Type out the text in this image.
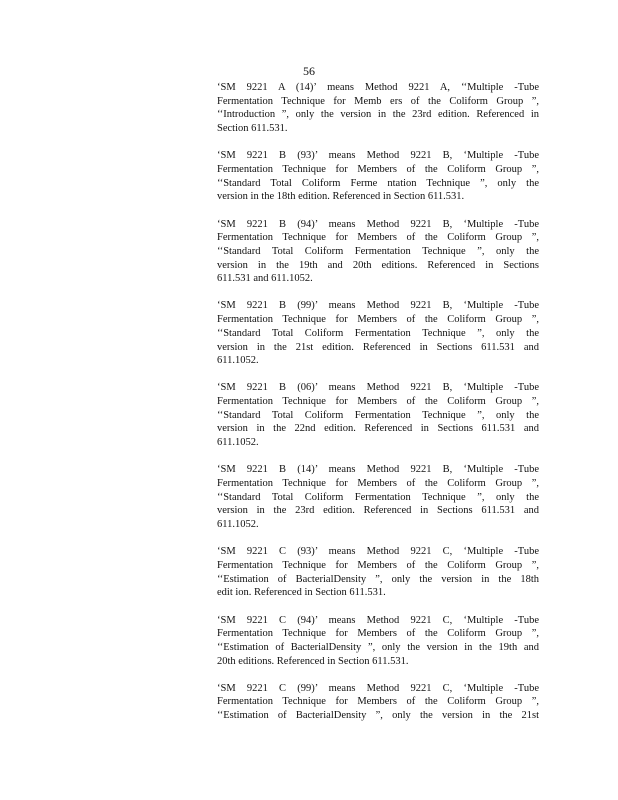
56
‘SM 9221 A (14)’ means Method 9221 A, ‘‘Multiple -Tube
Fermentation Technique for Memb ers of the Coliform Group ”,
‘‘Introduction ”, only the version in the 23rd edition. Referenced in
Section 611.531.
‘SM 9221 B (93)’ means Method 9221 B, ‘Multiple -Tube
Fermentation Technique for Members of the Coliform Group ”,
‘‘Standard Total Coliform Ferme ntation Technique ”, only the
version in the 18th edition. Referenced in Section 611.531.
‘SM 9221 B (94)’ means Method 9221 B, ‘Multiple -Tube
Fermentation Technique for Members of the Coliform Group ”,
‘‘Standard Total Coliform Fermentation Technique ”, only the
version in the 19th and 20th editions. Referenced in Sections
611.531 and 611.1052.
‘SM 9221 B (99)’ means Method 9221 B, ‘Multiple -Tube
Fermentation Technique for Members of the Coliform Group ”,
‘‘Standard Total Coliform Fermentation Technique ”, only the
version in the 21st edition. Referenced in Sections 611.531 and
611.1052.
‘SM 9221 B (06)’ means Method 9221 B, ‘Multiple -Tube
Fermentation Technique for Members of the Coliform Group ”,
‘‘Standard Total Coliform Fermentation Technique ”, only the
version in the 22nd edition. Referenced in Sections 611.531 and
611.1052.
‘SM 9221 B (14)’ means Method 9221 B, ‘Multiple -Tube
Fermentation Technique for Members of the Coliform Group ”,
‘‘Standard Total Coliform Fermentation Technique ”, only the
version in the 23rd edition. Referenced in Sections 611.531 and
611.1052.
‘SM 9221 C (93)’ means Method 9221 C, ‘Multiple -Tube
Fermentation Technique for Members of the Coliform Group ”,
‘‘Estimation of BacterialDensity ”, only the version in the 18th
edit ion. Referenced in Section 611.531.
‘SM 9221 C (94)’ means Method 9221 C, ‘Multiple -Tube
Fermentation Technique for Members of the Coliform Group ”,
‘‘Estimation of BacterialDensity ”, only the version in the 19th and
20th editions. Referenced in Section 611.531.
‘SM 9221 C (99)’ means Method 9221 C, ‘Multiple -Tube
Fermentation Technique for Members of the Coliform Group ”,
‘‘Estimation of BacterialDensity ”, only the version in the 21st
